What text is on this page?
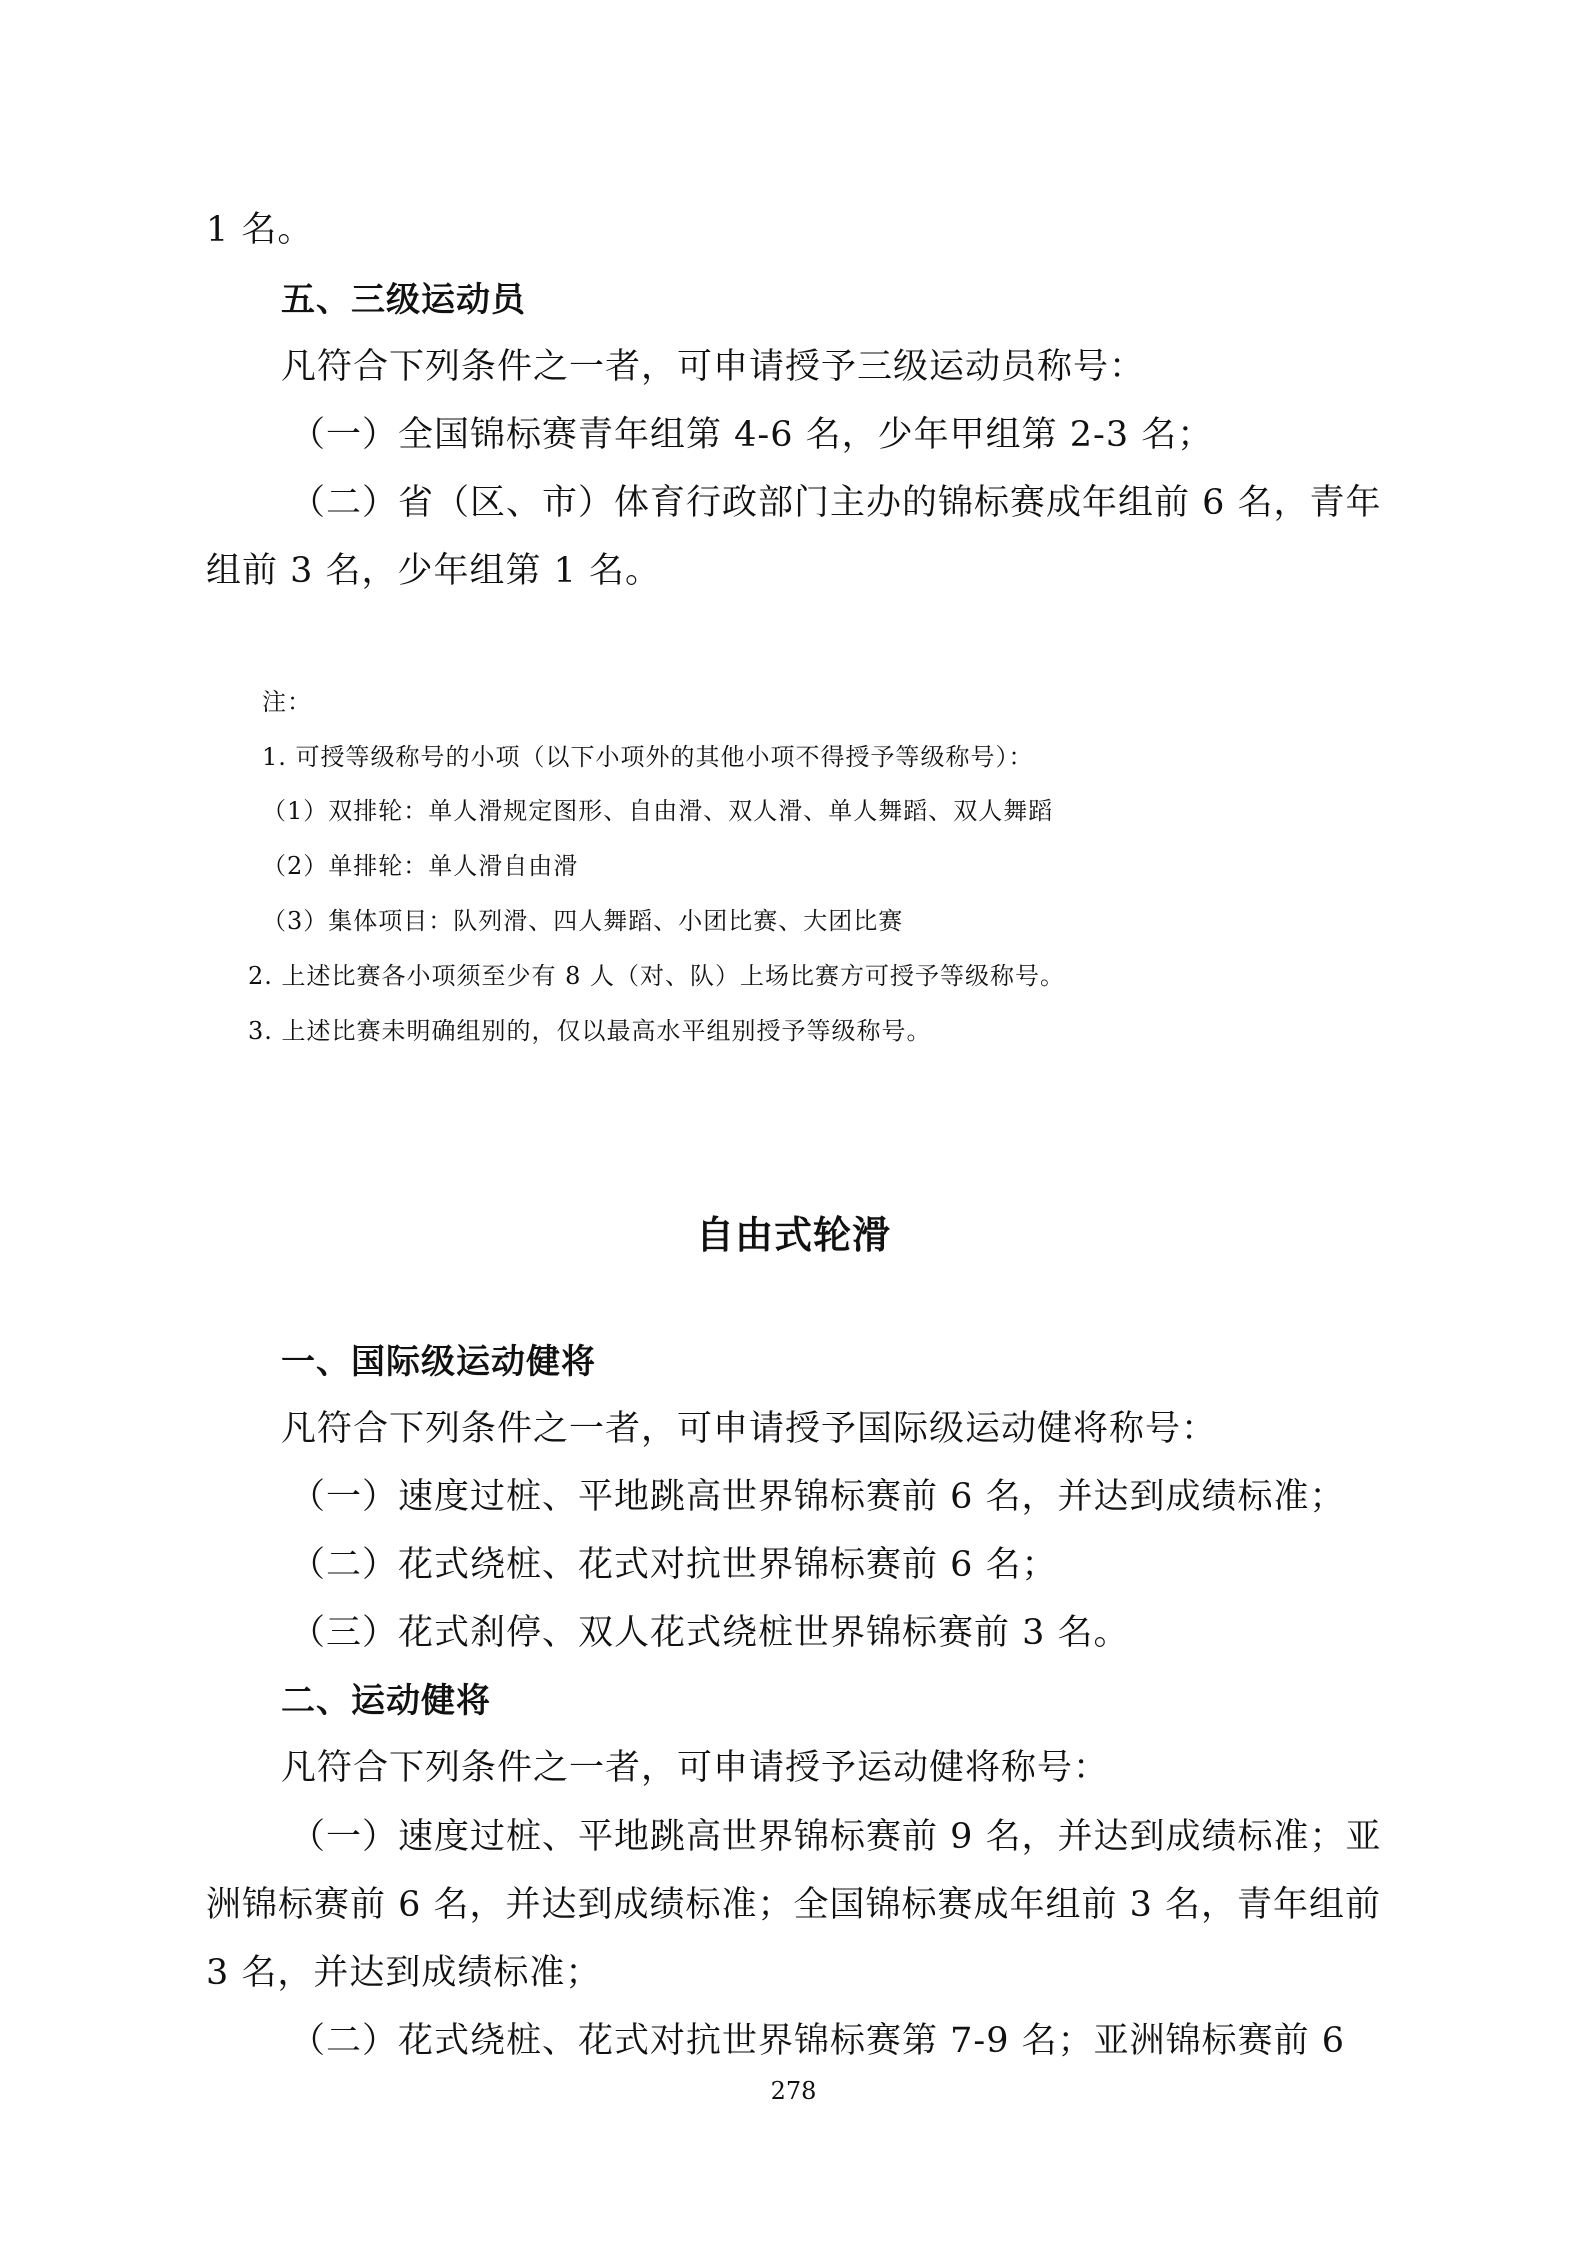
1 名。
五、三级运动员
凡符合下列条件之一者，可申请授予三级运动员称号：
（一）全国锦标赛青年组第 4-6 名，少年甲组第 2-3 名；
（二）省（区、市）体育行政部门主办的锦标赛成年组前 6 名，青年
组前 3 名，少年组第 1 名。
注：
1. 可授等级称号的小项（以下小项外的其他小项不得授予等级称号）：
（1）双排轮：单人滑规定图形、自由滑、双人滑、单人舞蹈、双人舞蹈
（2）单排轮：单人滑自由滑
（3）集体项目：队列滑、四人舞蹈、小团比赛、大团比赛
2. 上述比赛各小项须至少有 8 人（对、队）上场比赛方可授予等级称号。
3. 上述比赛未明确组别的，仅以最高水平组别授予等级称号。
自由式轮滑
一、国际级运动健将
凡符合下列条件之一者，可申请授予国际级运动健将称号：
（一）速度过桩、平地跳高世界锦标赛前 6 名，并达到成绩标准；
（二）花式绕桩、花式对抗世界锦标赛前 6 名；
（三）花式刹停、双人花式绕桩世界锦标赛前 3 名。
二、运动健将
凡符合下列条件之一者，可申请授予运动健将称号：
（一）速度过桩、平地跳高世界锦标赛前 9 名，并达到成绩标准；亚
洲锦标赛前 6 名，并达到成绩标准；全国锦标赛成年组前 3 名，青年组前
3 名，并达到成绩标准；
（二）花式绕桩、花式对抗世界锦标赛第 7-9 名；亚洲锦标赛前 6
278
